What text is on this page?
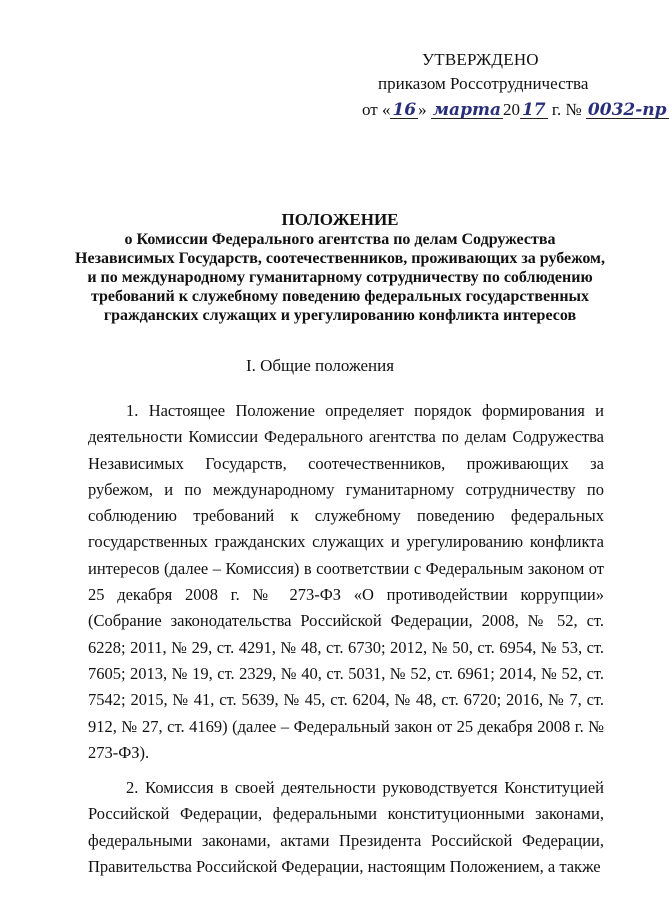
УТВЕРЖДЕНО
приказом Россотрудничества
от « 16 » марта 20 17 г. № 0032-пр
ПОЛОЖЕНИЕ
о Комиссии Федерального агентства по делам Содружества
Независимых Государств, соотечественников, проживающих за рубежом,
и по международному гуманитарному сотрудничеству по соблюдению
требований к служебному поведению федеральных государственных
гражданских служащих и урегулированию конфликта интересов
I. Общие положения

1. Настоящее Положение определяет порядок формирования и деятельности Комиссии Федерального агентства по делам Содружества Независимых Государств, соотечественников, проживающих за рубежом, и по международному гуманитарному сотрудничеству по соблюдению требований к служебному поведению федеральных государственных гражданских служащих и урегулированию конфликта интересов (далее – Комиссия) в соответствии с Федеральным законом от 25 декабря 2008 г. № 273-ФЗ «О противодействии коррупции» (Собрание законодательства Российской Федерации, 2008, № 52, ст. 6228; 2011, № 29, ст. 4291, № 48, ст. 6730; 2012, № 50, ст. 6954, № 53, ст. 7605; 2013, № 19, ст. 2329, № 40, ст. 5031, № 52, ст. 6961; 2014, № 52, ст. 7542; 2015, № 41, ст. 5639, № 45, ст. 6204, № 48, ст. 6720; 2016, № 7, ст. 912, № 27, ст. 4169) (далее – Федеральный закон от 25 декабря 2008 г. № 273-ФЗ).

2. Комиссия в своей деятельности руководствуется Конституцией Российской Федерации, федеральными конституционными законами, федеральными законами, актами Президента Российской Федерации, Правительства Российской Федерации, настоящим Положением, а также
